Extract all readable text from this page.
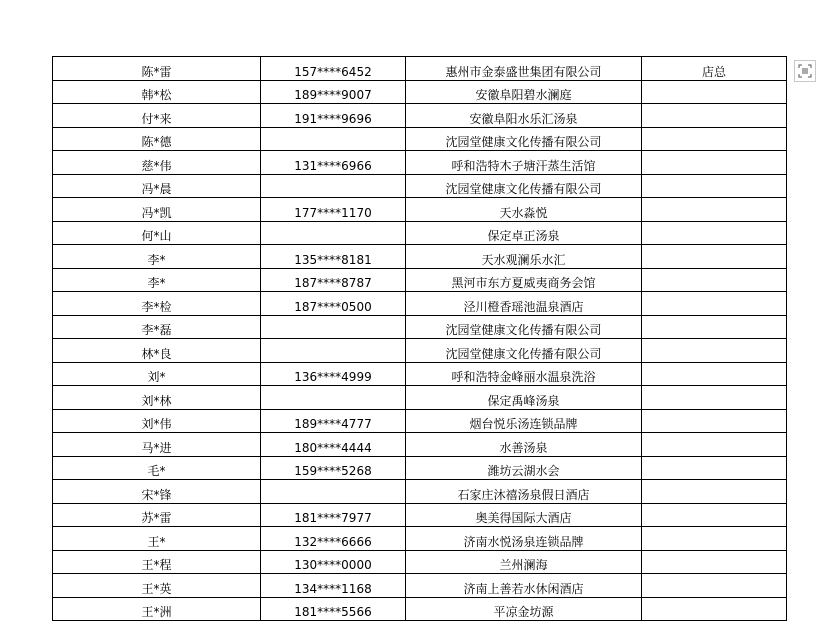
陈*雷	157****6452	惠州市金泰盛世集团有限公司	店总
韩*松	189****9007	安徽阜阳碧水澜庭	
付*来	191****9696	安徽阜阳水乐汇汤泉	
陈*德		沈园堂健康文化传播有限公司	
慈*伟	131****6966	呼和浩特木子塘汗蒸生活馆	
冯*晨		沈园堂健康文化传播有限公司	
冯*凯	177****1170	天水淼悦	
何*山		保定卓正汤泉	
李*	135****8181	天水观澜乐水汇	
李*	187****8787	黑河市东方夏威夷商务会馆	
李*检	187****0500	泾川橙香瑶池温泉酒店	
李*磊		沈园堂健康文化传播有限公司	
林*良		沈园堂健康文化传播有限公司	
刘*	136****4999	呼和浩特金峰丽水温泉洗浴	
刘*林		保定禹峰汤泉	
刘*伟	189****4777	烟台悦乐汤连锁品牌	
马*进	180****4444	水善汤泉	
毛*	159****5268	潍坊云湖水会	
宋*锋		石家庄沐禧汤泉假日酒店	
苏*雷	181****7977	奥美得国际大酒店	
王*	132****6666	济南水悦汤泉连锁品牌	
王*程	130****0000	兰州澜海	
王*英	134****1168	济南上善若水休闲酒店	
王*洲	181****5566	平凉金坊源	
